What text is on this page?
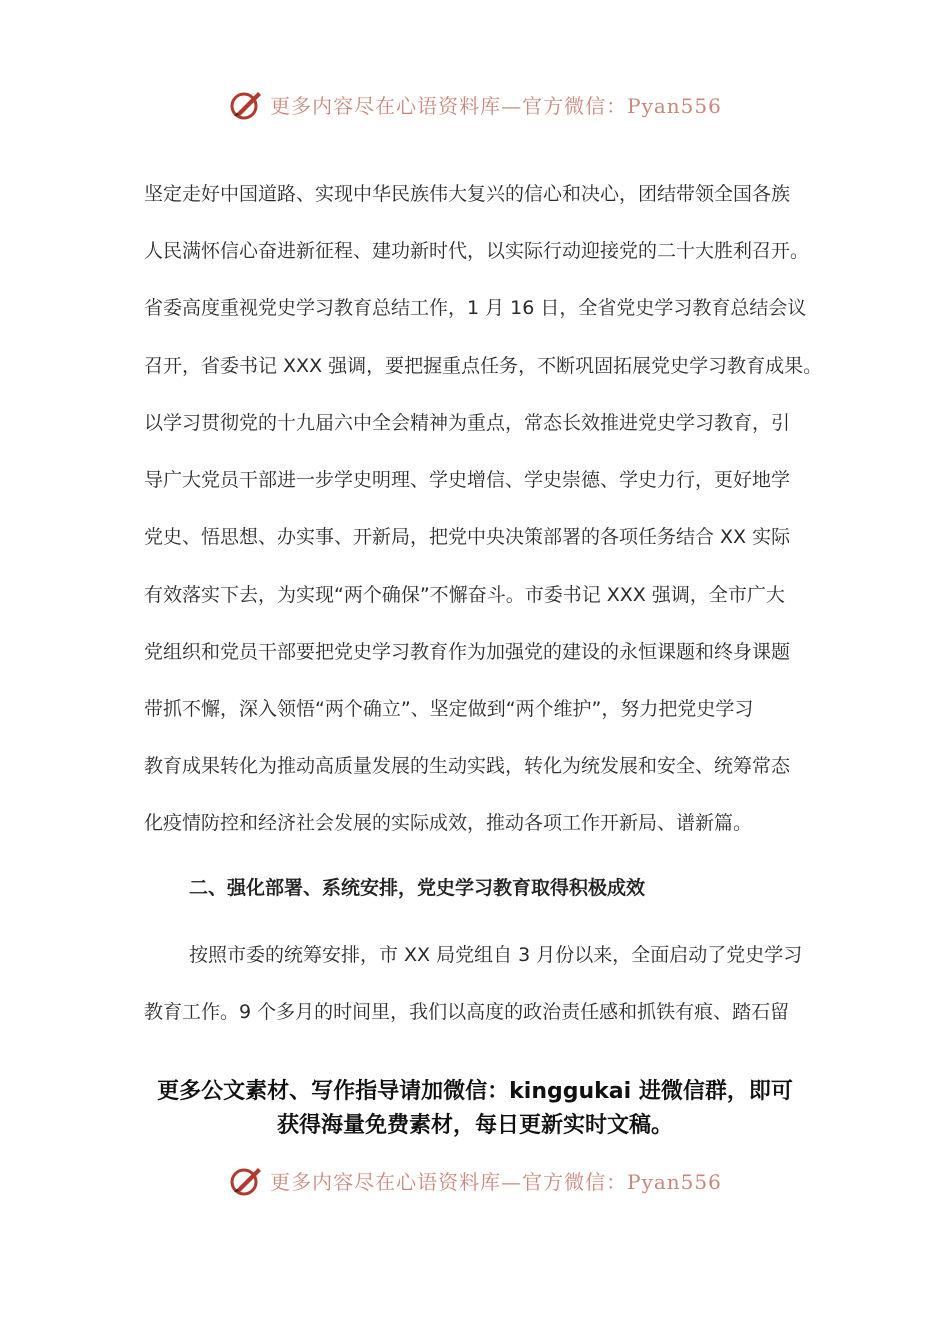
更多内容尽在心语资料库—官方微信：Pyan556
坚定走好中国道路、实现中华民族伟大复兴的信心和决心，团结带领全国各族
人民满怀信心奋进新征程、建功新时代，以实际行动迎接党的二十大胜利召开。
省委高度重视党史学习教育总结工作，1 月 16 日，全省党史学习教育总结会议
召开，省委书记 XXX 强调，要把握重点任务，不断巩固拓展党史学习教育成果。
以学习贯彻党的十九届六中全会精神为重点，常态长效推进党史学习教育，引
导广大党员干部进一步学史明理、学史增信、学史崇德、学史力行，更好地学
党史、悟思想、办实事、开新局，把党中央决策部署的各项任务结合 XX 实际
有效落实下去，为实现“两个确保”不懈奋斗。市委书记 XXX 强调，全市广大
党组织和党员干部要把党史学习教育作为加强党的建设的永恒课题和终身课题
带抓不懈，深入领悟“两个确立”、坚定做到“两个维护”，努力把党史学习
教育成果转化为推动高质量发展的生动实践，转化为统发展和安全、统筹常态
化疫情防控和经济社会发展的实际成效，推动各项工作开新局、谱新篇。
二、强化部署、系统安排，党史学习教育取得积极成效
按照市委的统筹安排，市 XX 局党组自 3 月份以来，全面启动了党史学习
教育工作。9 个多月的时间里，我们以高度的政治责任感和抓铁有痕、踏石留
更多公文素材、写作指导请加微信：kinggukai 进微信群，即可
获得海量免费素材，每日更新实时文稿。
更多内容尽在心语资料库—官方微信：Pyan556
